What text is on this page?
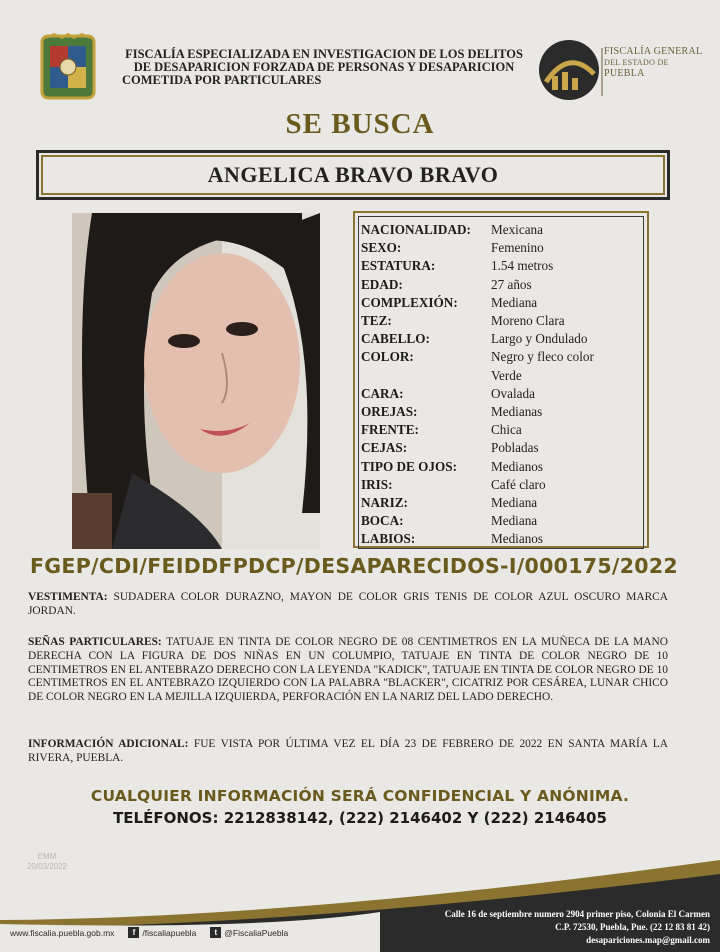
FISCALÍA ESPECIALIZADA EN INVESTIGACION DE LOS DELITOS
DE DESAPARICION FORZADA DE PERSONAS Y DESAPARICION
COMETIDA POR PARTICULARES
FISCALÍA GENERAL
DEL ESTADO DE
PUEBLA
SE BUSCA
ANGELICA BRAVO BRAVO
NACIONALIDAD:	Mexicana
SEXO:	Femenino
ESTATURA:	1.54 metros
EDAD:	27 años
COMPLEXIÓN:	Mediana
TEZ:	Moreno Clara
CABELLO:	Largo y Ondulado
COLOR:	Negro y fleco color
Verde
CARA:	Ovalada
OREJAS:	Medianas
FRENTE:	Chica
CEJAS:	Pobladas
TIPO DE OJOS:	Medianos
IRIS:	Café claro
NARIZ:	Mediana
BOCA:	Mediana
LABIOS:	Medianos
FGEP/CDI/FEIDDFPDCP/DESAPARECIDOS-I/000175/2022
VESTIMENTA: SUDADERA COLOR DURAZNO, MAYON DE COLOR GRIS TENIS DE COLOR AZUL OSCURO MARCA JORDAN.
SEÑAS PARTICULARES: TATUAJE EN TINTA DE COLOR NEGRO DE 08 CENTIMETROS EN LA MUÑECA DE LA MANO DERECHA CON LA FIGURA DE DOS NIÑAS EN UN COLUMPIO, TATUAJE EN TINTA DE COLOR NEGRO DE 10 CENTIMETROS EN EL ANTEBRAZO DERECHO CON LA LEYENDA "KADICK", TATUAJE EN TINTA DE COLOR NEGRO DE 10 CENTIMETROS EN EL ANTEBRAZO IZQUIERDO CON LA PALABRA "BLACKER", CICATRIZ POR CESÁREA, LUNAR CHICO DE COLOR NEGRO EN LA MEJILLA IZQUIERDA, PERFORACIÓN EN LA NARIZ DEL LADO DERECHO.
INFORMACIÓN ADICIONAL: FUE VISTA POR ÚLTIMA VEZ EL DÍA 23 DE FEBRERO DE 2022 EN SANTA MARÍA LA RIVERA, PUEBLA.
CUALQUIER INFORMACIÓN SERÁ CONFIDENCIAL Y ANÓNIMA.
TELÉFONOS: 2212838142, (222) 2146402 Y (222) 2146405
EMM
20/03/2022
www.fiscalia.puebla.gob.mx	f /fiscaliapuebla	t @FiscaliaPuebla
Calle 16 de septiembre numero 2904 primer piso, Colonia El Carmen
C.P. 72530, Puebla, Pue. (22 12 83 81 42)
desapariciones.map@gmail.com
